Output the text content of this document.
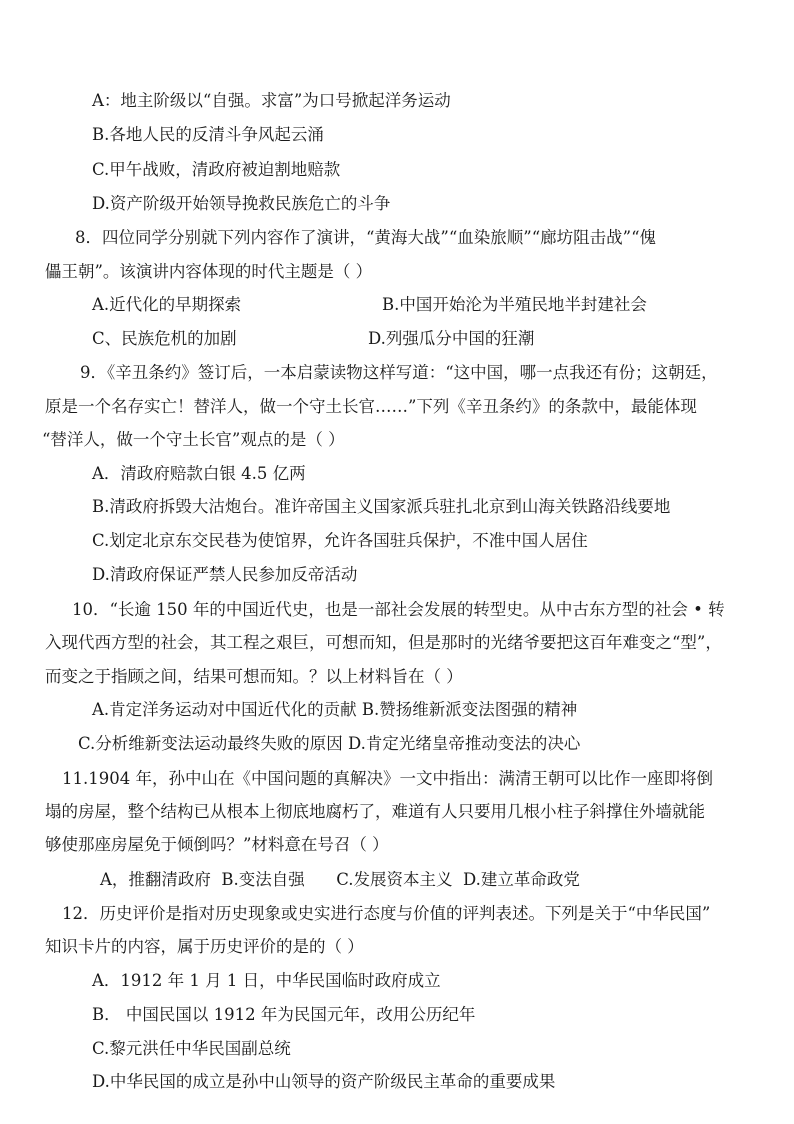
A：地主阶级以“自强。求富”为口号掀起洋务运动
B.各地人民的反清斗争风起云涌
C.甲午战败，清政府被迫割地赔款
D.资产阶级开始领导挽救民族危亡的斗争
8．四位同学分别就下列内容作了演讲，“黄海大战”“血染旅顺”“廊坊阻击战”“傀
儡王朝”。该演讲内容体现的时代主题是（ ）
A.近代化的早期探索	B.中国开始沦为半殖民地半封建社会
C、民族危机的加剧	D.列强瓜分中国的狂潮
9．《辛丑条约》签订后，一本启蒙读物这样写道：“这中国，哪一点我还有份；这朝廷，
原是一个名存实亡！替洋人，做一个守土长官……”下列《辛丑条约》的条款中，最能体现
“替洋人，做一个守土长官”观点的是（ ）
A．清政府赔款白银 4.5 亿两
B.清政府拆毁大沽炮台。准许帝国主义国家派兵驻扎北京到山海关铁路沿线要地
C.划定北京东交民巷为使馆界，允许各国驻兵保护，不准中国人居住
D.清政府保证严禁人民参加反帝活动
10．“长逾 150 年的中国近代史，也是一部社会发展的转型史。从中古东方型的社会 • 转
入现代西方型的社会，其工程之艰巨，可想而知，但是那时的光绪爷要把这百年难变之“型”，
而变之于指顾之间，结果可想而知。？以上材料旨在（ ）
A.肯定洋务运动对中国近代化的贡献 B.赞扬维新派变法图强的精神
C.分析维新变法运动最终失败的原因 D.肯定光绪皇帝推动变法的决心
11.1904 年，孙中山在《中国问题的真解决》一文中指出：满清王朝可以比作一座即将倒
塌的房屋，整个结构已从根本上彻底地腐朽了，难道有人只要用几根小柱子斜撑住外墙就能
够使那座房屋免于倾倒吗？”材料意在号召（ ）
A，推翻清政府  B.变法自强      C.发展资本主义  D.建立革命政党
12．历史评价是指对历史现象或史实进行态度与价值的评判表述。下列是关于“中华民国”
知识卡片的内容，属于历史评价的是的（ ）
A．1912 年 1 月 1 日，中华民国临时政府成立
B． 中国民国以 1912 年为民国元年，改用公历纪年
C.黎元洪任中华民国副总统
D.中华民国的成立是孙中山领导的资产阶级民主革命的重要成果
